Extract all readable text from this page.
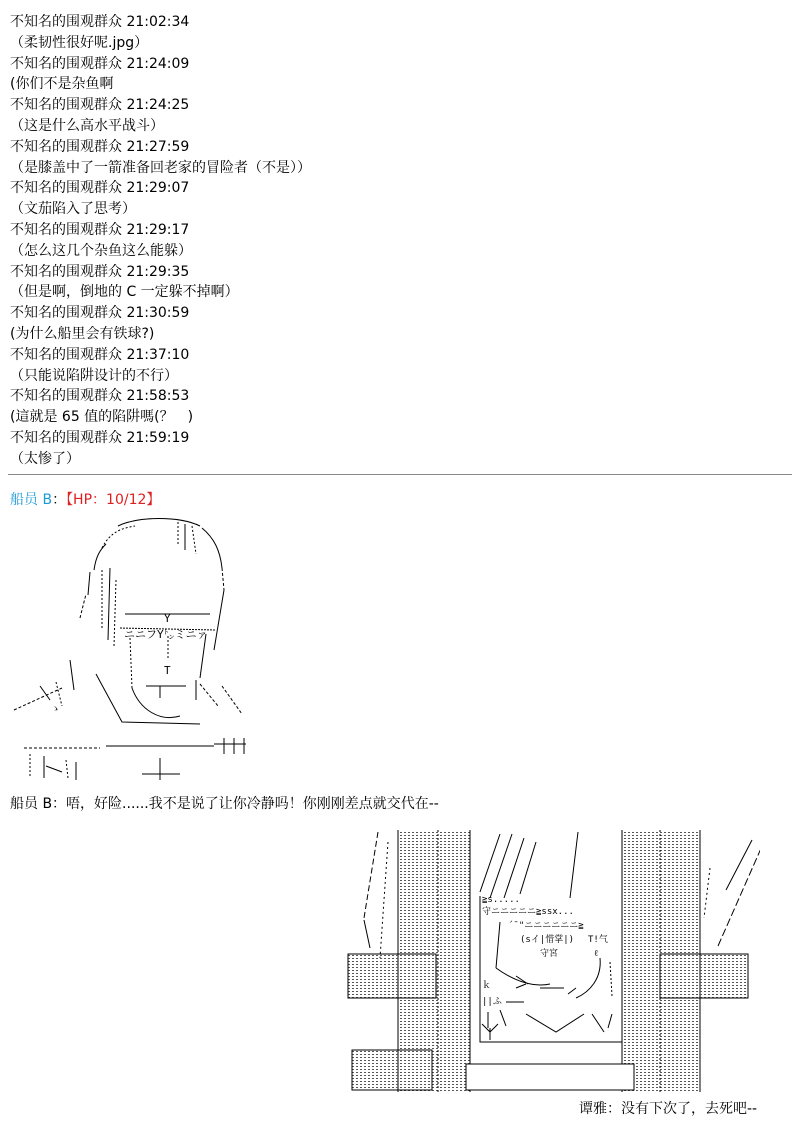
不知名的围观群众 21:02:34
（柔韧性很好呢.jpg）
不知名的围观群众 21:24:09
(你们不是杂鱼啊
不知名的围观群众 21:24:25
（这是什么高水平战斗）
不知名的围观群众 21:27:59
（是膝盖中了一箭准备回老家的冒险者（不是））
不知名的围观群众 21:29:07
（文茄陷入了思考）
不知名的围观群众 21:29:17
（怎么这几个杂鱼这么能躲）
不知名的围观群众 21:29:35
（但是啊，倒地的 C 一定躲不掉啊）
不知名的围观群众 21:30:59
(为什么船里会有铁球?)
不知名的围观群众 21:37:10
（只能说陷阱设计的不行）
不知名的围观群众 21:58:53
(這就是 65 值的陷阱嗎(？　)
不知名的围观群众 21:59:19
（太惨了）
船员 B：【HP：10/12】
Y
ニニフY㌧ミニァ
T
ゝ
船员 B：唔，好险......我不是说了让你冷静吗！你刚刚差点就交代在--
≧s.....
守ニニニニニ≧ssx...
´¯"ニニニニニニ≧
(sイ|惜掌|)
守宮
T!气
ℓ
ｋ
||ふ
谭雅：没有下次了，去死吧--
